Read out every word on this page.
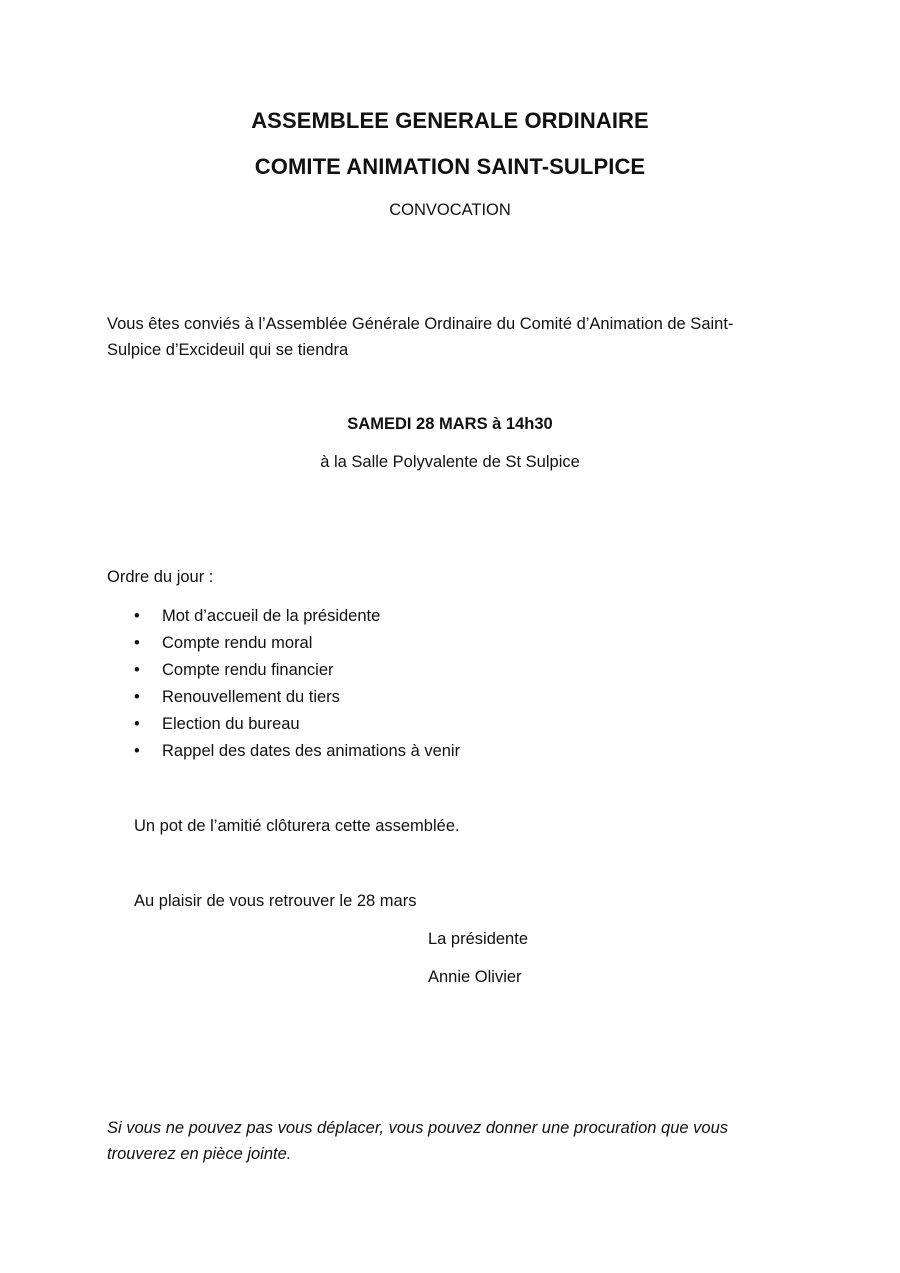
ASSEMBLEE GENERALE ORDINAIRE
COMITE ANIMATION SAINT-SULPICE
CONVOCATION
Vous êtes conviés à l’Assemblée Générale Ordinaire du Comité d’Animation de Saint-Sulpice d’Excideuil qui se tiendra
SAMEDI 28 MARS à 14h30
à la Salle Polyvalente de St Sulpice
Ordre du jour :
• Mot d’accueil de la présidente
• Compte rendu moral
• Compte rendu financier
• Renouvellement du tiers
• Election du bureau
• Rappel des dates des animations à venir
Un pot de l’amitié clôturera cette assemblée.
Au plaisir de vous retrouver le 28 mars
La présidente
Annie Olivier
Si vous ne pouvez pas vous déplacer, vous pouvez donner une procuration que vous trouverez en pièce jointe.
